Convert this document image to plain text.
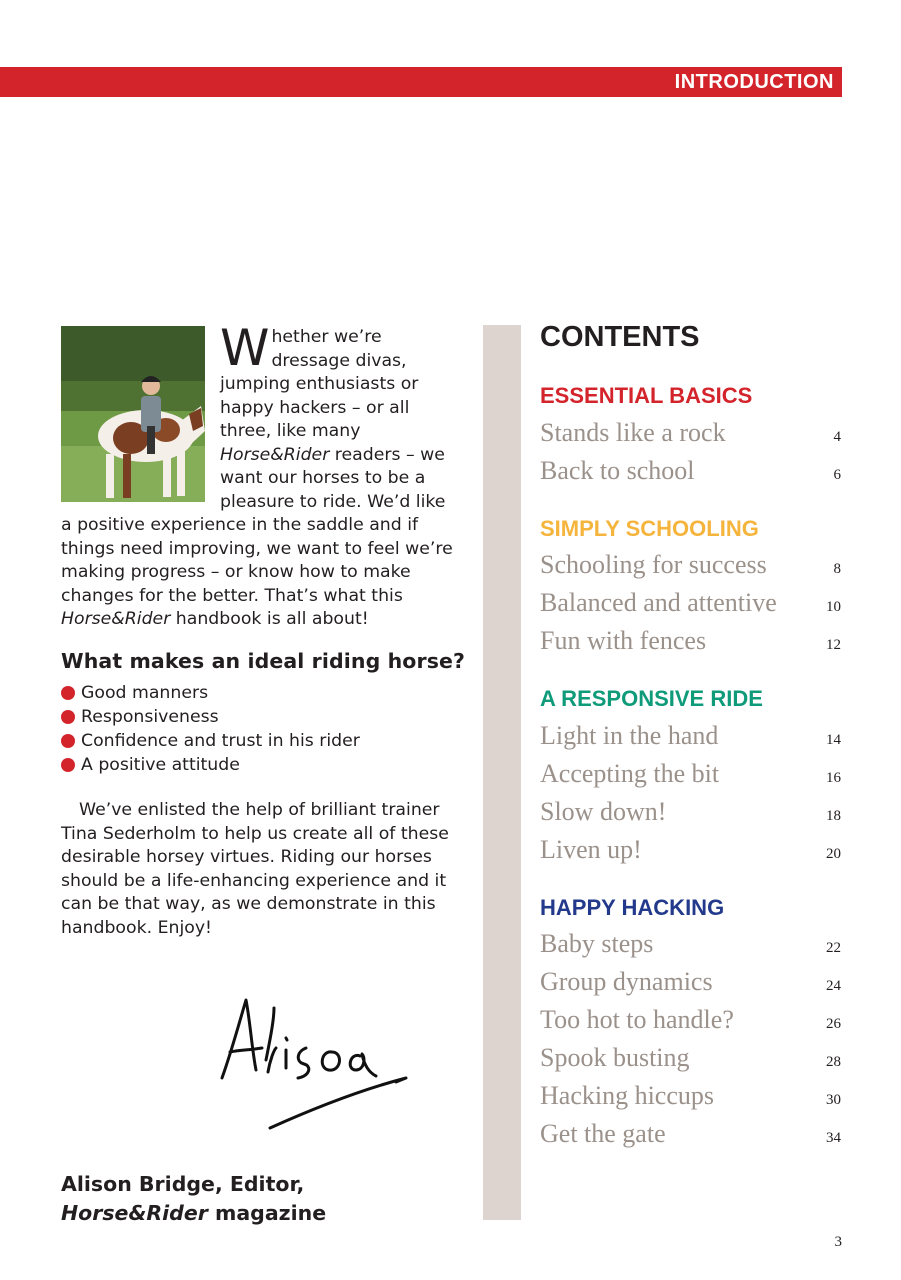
INTRODUCTION
Whether we’re dressage divas, jumping enthusiasts or happy hackers – or all three, like many Horse&Rider readers – we want our horses to be a pleasure to ride. We’d like a positive experience in the saddle and if things need improving, we want to feel we’re making progress – or know how to make changes for the better. That’s what this Horse&Rider handbook is all about!
What makes an ideal riding horse?
Good manners
Responsiveness
Confidence and trust in his rider
A positive attitude

We’ve enlisted the help of brilliant trainer Tina Sederholm to help us create all of these desirable horsey virtues. Riding our horses should be a life-enhancing experience and it can be that way, as we demonstrate in this handbook. Enjoy!

Alison Bridge, Editor,
Horse&Rider magazine

CONTENTS
ESSENTIAL BASICS
Stands like a rock	4
Back to school	6
SIMPLY SCHOOLING
Schooling for success	8
Balanced and attentive	10
Fun with fences	12
A RESPONSIVE RIDE
Light in the hand	14
Accepting the bit	16
Slow down!	18
Liven up!	20
HAPPY HACKING
Baby steps	22
Group dynamics	24
Too hot to handle?	26
Spook busting	28
Hacking hiccups	30
Get the gate	34
3
